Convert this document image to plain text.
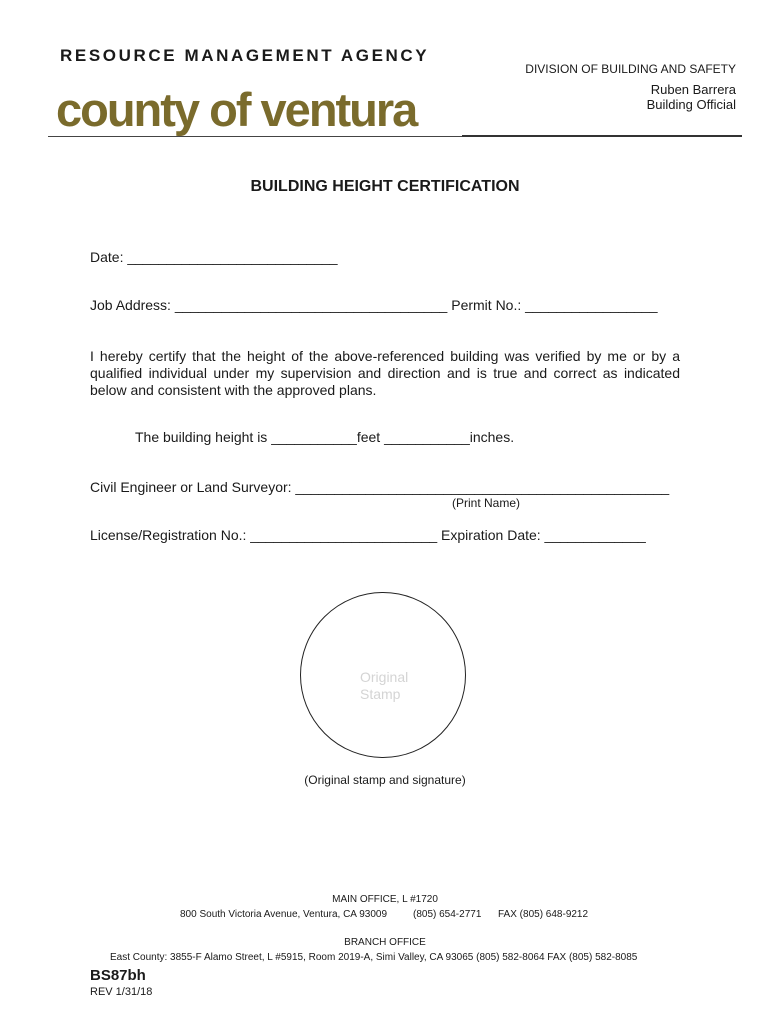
RESOURCE MANAGEMENT AGENCY
county of ventura
DIVISION OF BUILDING AND SAFETY
Ruben Barrera
Building Official
BUILDING HEIGHT CERTIFICATION
Date: ___________________________
Job Address: ___________________________________ Permit No.: _________________
I hereby certify that the height of the above-referenced building was verified by me or by a qualified individual under my supervision and direction and is true and correct as indicated below and consistent with the approved plans.
The building height is ___________feet ___________inches.
Civil Engineer or Land Surveyor: ________________________________________________
(Print Name)
License/Registration No.: ________________________ Expiration Date: _____________
Original Stamp
(Original stamp and signature)
MAIN OFFICE, L #1720
800 South Victoria Avenue, Ventura, CA 93009	(805) 654-2771 FAX (805) 648-9212
BRANCH OFFICE
East County: 3855-F Alamo Street, L #5915, Room 2019-A, Simi Valley, CA 93065 (805) 582-8064 FAX (805) 582-8085
BS87bh
REV 1/31/18
